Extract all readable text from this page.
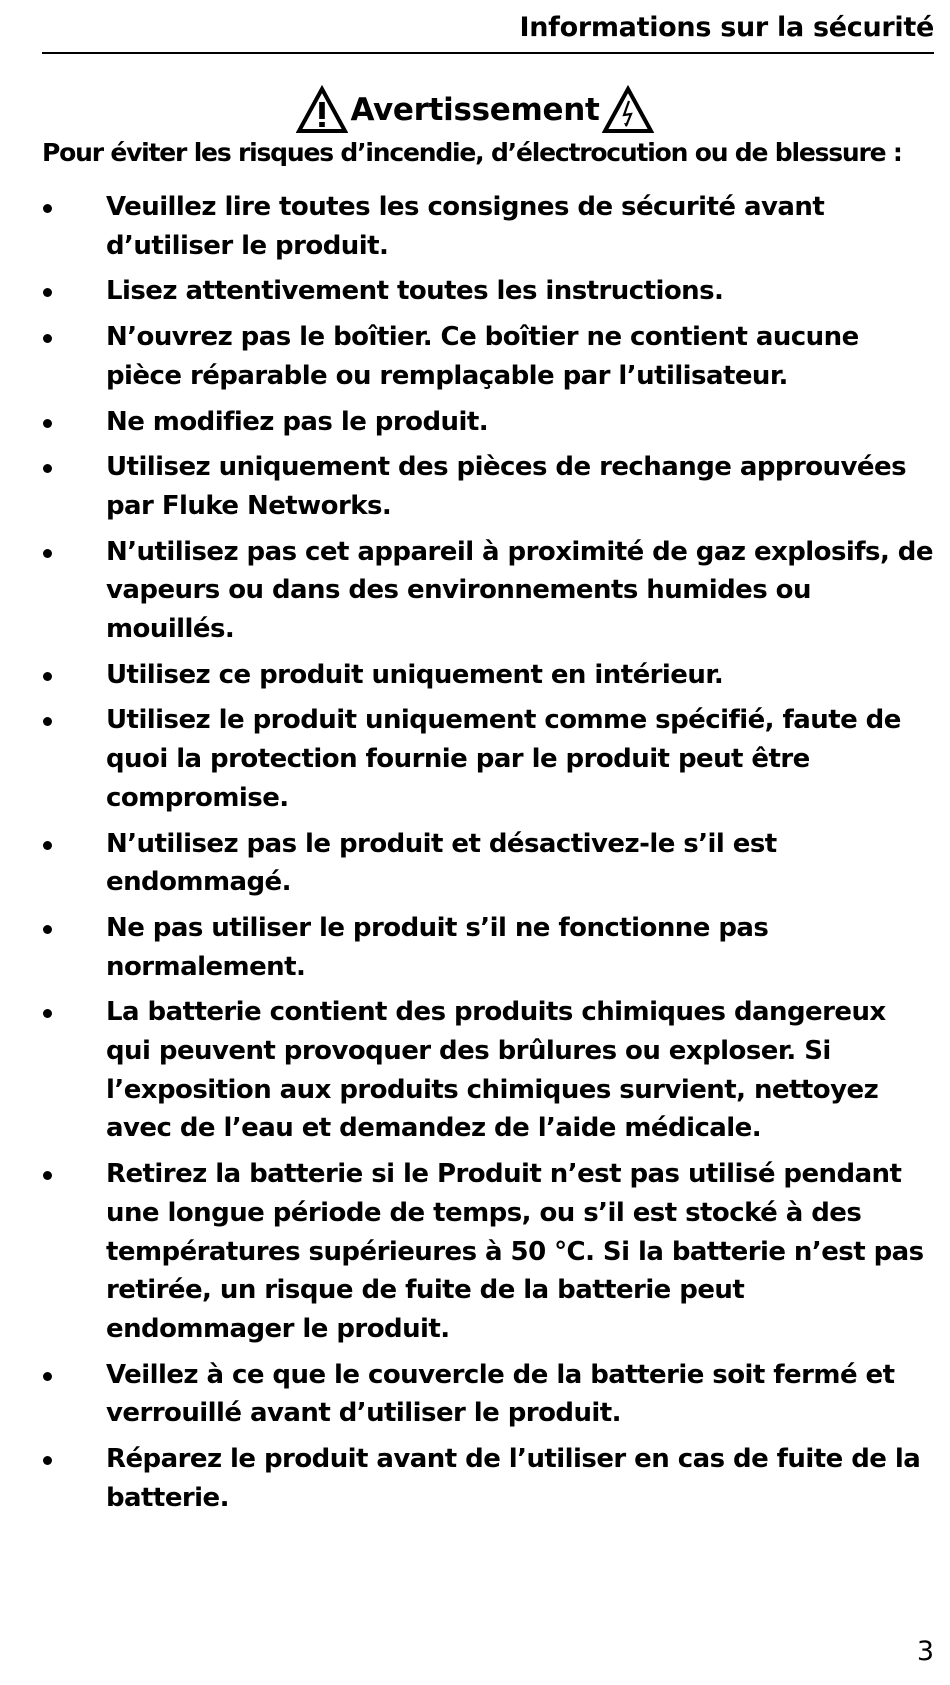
Informations sur la sécurité
Avertissement
Pour éviter les risques d’incendie, d’électrocution ou de blessure :
Veuillez lire toutes les consignes de sécurité avant d’utiliser le produit.
Lisez attentivement toutes les instructions.
N’ouvrez pas le boîtier. Ce boîtier ne contient aucune pièce réparable ou remplaçable par l’utilisateur.
Ne modifiez pas le produit.
Utilisez uniquement des pièces de rechange approuvées par Fluke Networks.
N’utilisez pas cet appareil à proximité de gaz explosifs, de vapeurs ou dans des environnements humides ou mouillés.
Utilisez ce produit uniquement en intérieur.
Utilisez le produit uniquement comme spécifié, faute de quoi la protection fournie par le produit peut être compromise.
N’utilisez pas le produit et désactivez-le s’il est endommagé.
Ne pas utiliser le produit s’il ne fonctionne pas normalement.
La batterie contient des produits chimiques dangereux qui peuvent provoquer des brûlures ou exploser. Si l’exposition aux produits chimiques survient, nettoyez avec de l’eau et demandez de l’aide médicale.
Retirez la batterie si le Produit n’est pas utilisé pendant une longue période de temps, ou s’il est stocké à des températures supérieures à 50 °C. Si la batterie n’est pas retirée, un risque de fuite de la batterie peut endommager le produit.
Veillez à ce que le couvercle de la batterie soit fermé et verrouillé avant d’utiliser le produit.
Réparez le produit avant de l’utiliser en cas de fuite de la batterie.
3
